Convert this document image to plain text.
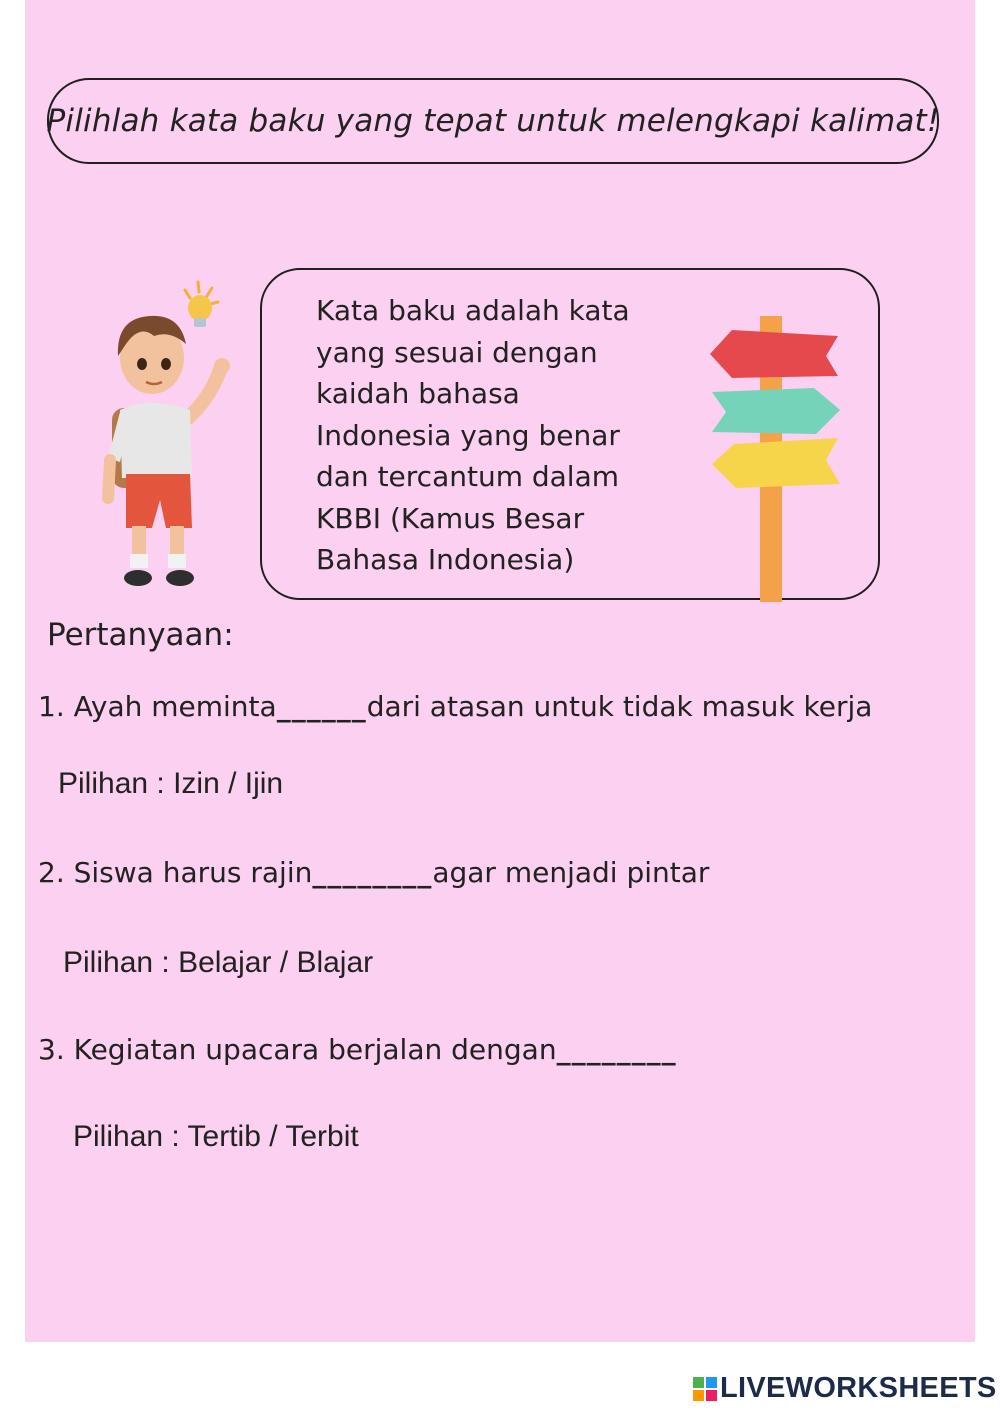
Pilihlah kata baku yang tepat untuk melengkapi kalimat!
Kata baku adalah kata
yang sesuai dengan
kaidah bahasa
Indonesia yang benar
dan tercantum dalam
KBBI (Kamus Besar
Bahasa Indonesia)
Pertanyaan:
1. Ayah meminta______dari atasan untuk tidak masuk kerja
Pilihan : Izin / Ijin
2. Siswa harus rajin________agar menjadi pintar
Pilihan : Belajar / Blajar
3. Kegiatan upacara berjalan dengan________
Pilihan : Tertib / Terbit
LIVEWORKSHEETS
